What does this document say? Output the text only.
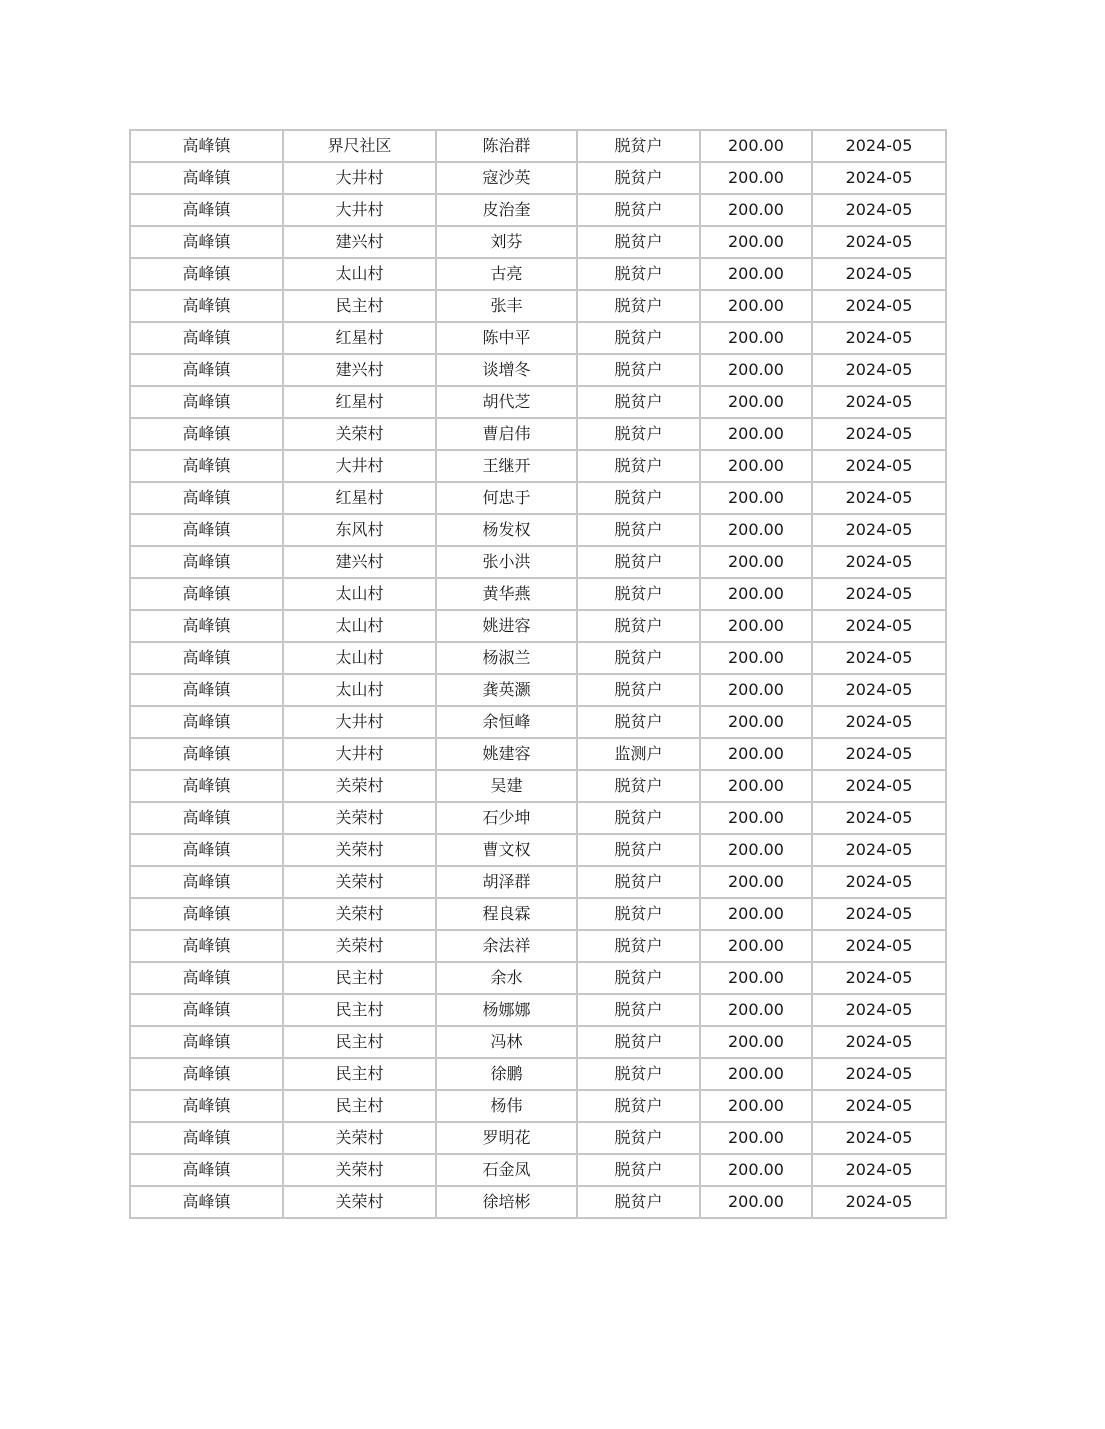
高峰镇	界尺社区	陈治群	脱贫户	200.00	2024-05
高峰镇	大井村	寇沙英	脱贫户	200.00	2024-05
高峰镇	大井村	皮治奎	脱贫户	200.00	2024-05
高峰镇	建兴村	刘芬	脱贫户	200.00	2024-05
高峰镇	太山村	古亮	脱贫户	200.00	2024-05
高峰镇	民主村	张丰	脱贫户	200.00	2024-05
高峰镇	红星村	陈中平	脱贫户	200.00	2024-05
高峰镇	建兴村	谈增冬	脱贫户	200.00	2024-05
高峰镇	红星村	胡代芝	脱贫户	200.00	2024-05
高峰镇	关荣村	曹启伟	脱贫户	200.00	2024-05
高峰镇	大井村	王继开	脱贫户	200.00	2024-05
高峰镇	红星村	何忠于	脱贫户	200.00	2024-05
高峰镇	东风村	杨发权	脱贫户	200.00	2024-05
高峰镇	建兴村	张小洪	脱贫户	200.00	2024-05
高峰镇	太山村	黄华燕	脱贫户	200.00	2024-05
高峰镇	太山村	姚进容	脱贫户	200.00	2024-05
高峰镇	太山村	杨淑兰	脱贫户	200.00	2024-05
高峰镇	太山村	龚英灏	脱贫户	200.00	2024-05
高峰镇	大井村	余恒峰	脱贫户	200.00	2024-05
高峰镇	大井村	姚建容	监测户	200.00	2024-05
高峰镇	关荣村	吴建	脱贫户	200.00	2024-05
高峰镇	关荣村	石少坤	脱贫户	200.00	2024-05
高峰镇	关荣村	曹文权	脱贫户	200.00	2024-05
高峰镇	关荣村	胡泽群	脱贫户	200.00	2024-05
高峰镇	关荣村	程良霖	脱贫户	200.00	2024-05
高峰镇	关荣村	余法祥	脱贫户	200.00	2024-05
高峰镇	民主村	余水	脱贫户	200.00	2024-05
高峰镇	民主村	杨娜娜	脱贫户	200.00	2024-05
高峰镇	民主村	冯林	脱贫户	200.00	2024-05
高峰镇	民主村	徐鹏	脱贫户	200.00	2024-05
高峰镇	民主村	杨伟	脱贫户	200.00	2024-05
高峰镇	关荣村	罗明花	脱贫户	200.00	2024-05
高峰镇	关荣村	石金凤	脱贫户	200.00	2024-05
高峰镇	关荣村	徐培彬	脱贫户	200.00	2024-05
